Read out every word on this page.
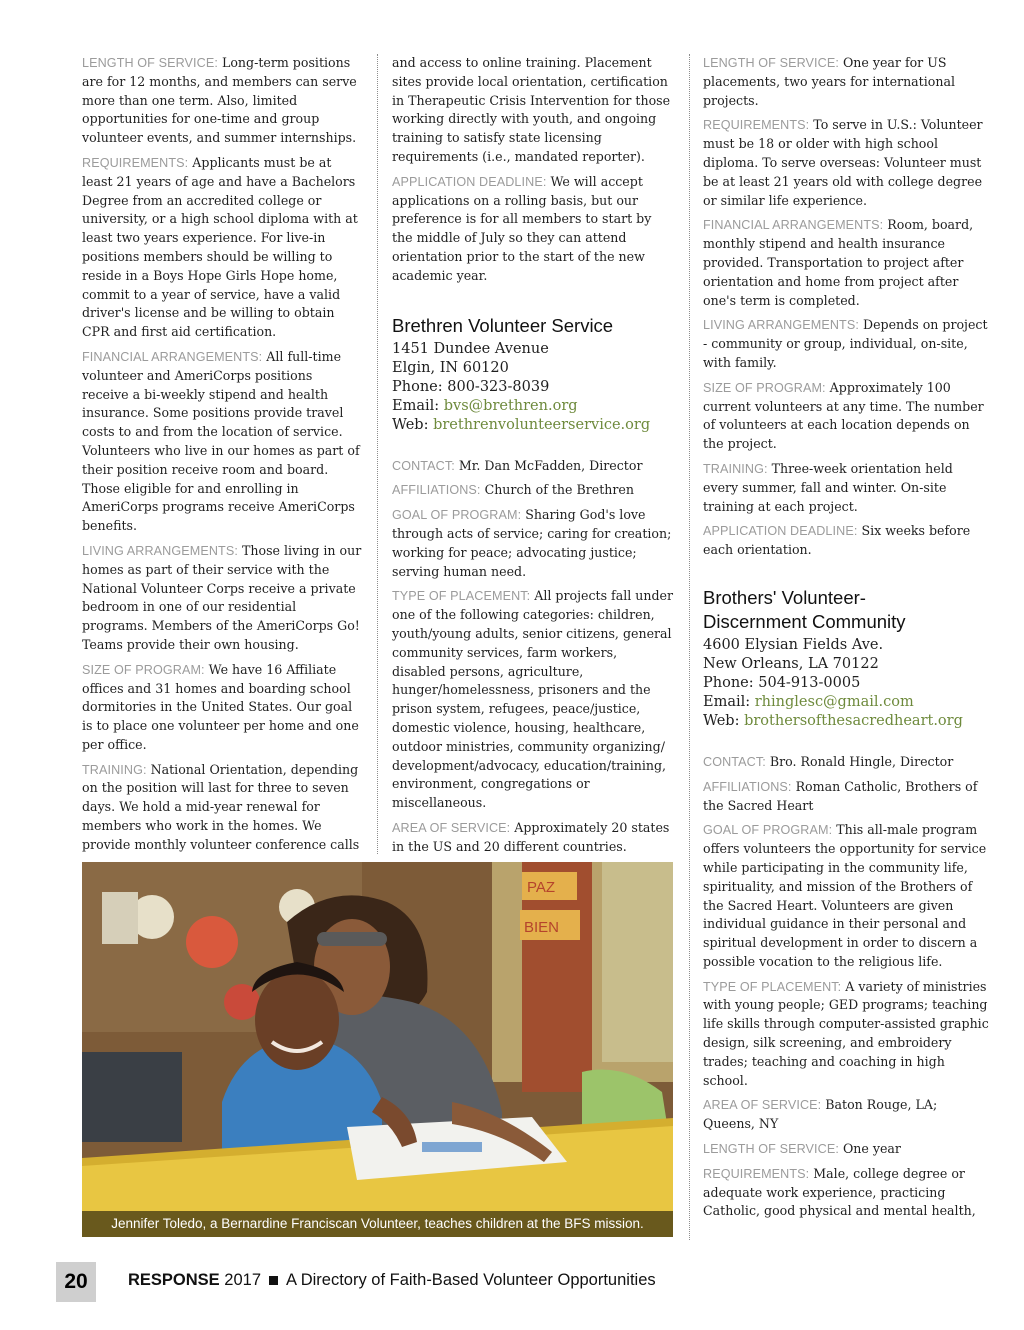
LENGTH OF SERVICE: Long-term positions are for 12 months, and members can serve more than one term. Also, limited opportunities for one-time and group volunteer events, and summer internships.

REQUIREMENTS: Applicants must be at least 21 years of age and have a Bachelors Degree from an accredited college or university, or a high school diploma with at least two years experience. For live-in positions members should be willing to reside in a Boys Hope Girls Hope home, commit to a year of service, have a valid driver's license and be willing to obtain CPR and first aid certification.

FINANCIAL ARRANGEMENTS: All full-time volunteer and AmeriCorps positions receive a bi-weekly stipend and health insurance. Some positions provide travel costs to and from the location of service. Volunteers who live in our homes as part of their position receive room and board. Those eligible for and enrolling in AmeriCorps programs receive AmeriCorps benefits.

LIVING ARRANGEMENTS: Those living in our homes as part of their service with the National Volunteer Corps receive a private bedroom in one of our residential programs. Members of the AmeriCorps Go! Teams provide their own housing.

SIZE OF PROGRAM: We have 16 Affiliate offices and 31 homes and boarding school dormitories in the United States. Our goal is to place one volunteer per home and one per office.

TRAINING: National Orientation, depending on the position will last for three to seven days. We hold a mid-year renewal for members who work in the homes. We provide monthly volunteer conference calls

and access to online training. Placement sites provide local orientation, certification in Therapeutic Crisis Intervention for those working directly with youth, and ongoing training to satisfy state licensing requirements (i.e., mandated reporter).

APPLICATION DEADLINE: We will accept applications on a rolling basis, but our preference is for all members to start by the middle of July so they can attend orientation prior to the start of the new academic year.

Brethren Volunteer Service
1451 Dundee Avenue
Elgin, IN 60120
Phone: 800-323-8039
Email: bvs@brethren.org
Web: brethrenvolunteerservice.org

CONTACT: Mr. Dan McFadden, Director

AFFILIATIONS: Church of the Brethren

GOAL OF PROGRAM: Sharing God's love through acts of service; caring for creation; working for peace; advocating justice; serving human need.

TYPE OF PLACEMENT: All projects fall under one of the following categories: children, youth/young adults, senior citizens, general community services, farm workers, disabled persons, agriculture, hunger/homelessness, prisoners and the prison system, refugees, peace/justice, domestic violence, housing, healthcare, outdoor ministries, community organizing/ development/advocacy, education/training, environment, congregations or miscellaneous.

AREA OF SERVICE: Approximately 20 states in the US and 20 different countries.

LENGTH OF SERVICE: One year for US placements, two years for international projects.

REQUIREMENTS: To serve in U.S.: Volunteer must be 18 or older with high school diploma. To serve overseas: Volunteer must be at least 21 years old with college degree or similar life experience.

FINANCIAL ARRANGEMENTS: Room, board, monthly stipend and health insurance provided. Transportation to project after orientation and home from project after one's term is completed.

LIVING ARRANGEMENTS: Depends on project - community or group, individual, on-site, with family.

SIZE OF PROGRAM: Approximately 100 current volunteers at any time. The number of volunteers at each location depends on the project.

TRAINING: Three-week orientation held every summer, fall and winter. On-site training at each project.

APPLICATION DEADLINE: Six weeks before each orientation.

Brothers' Volunteer-
Discernment Community
4600 Elysian Fields Ave.
New Orleans, LA 70122
Phone: 504-913-0005
Email: rhinglesc@gmail.com
Web: brothersofthesacredheart.org

CONTACT: Bro. Ronald Hingle, Director

AFFILIATIONS: Roman Catholic, Brothers of the Sacred Heart

GOAL OF PROGRAM: This all-male program offers volunteers the opportunity for service while participating in the community life, spirituality, and mission of the Brothers of the Sacred Heart. Volunteers are given individual guidance in their personal and spiritual development in order to discern a possible vocation to the religious life.

TYPE OF PLACEMENT: A variety of ministries with young people; GED programs; teaching life skills through computer-assisted graphic design, silk screening, and embroidery trades; teaching and coaching in high school.

AREA OF SERVICE: Baton Rouge, LA; Queens, NY

LENGTH OF SERVICE: One year

REQUIREMENTS: Male, college degree or adequate work experience, practicing Catholic, good physical and mental health,

PAZ
BIEN
Jennifer Toledo, a Bernardine Franciscan Volunteer, teaches children at the BFS mission.
20	RESPONSE 2017 A Directory of Faith-Based Volunteer Opportunities
